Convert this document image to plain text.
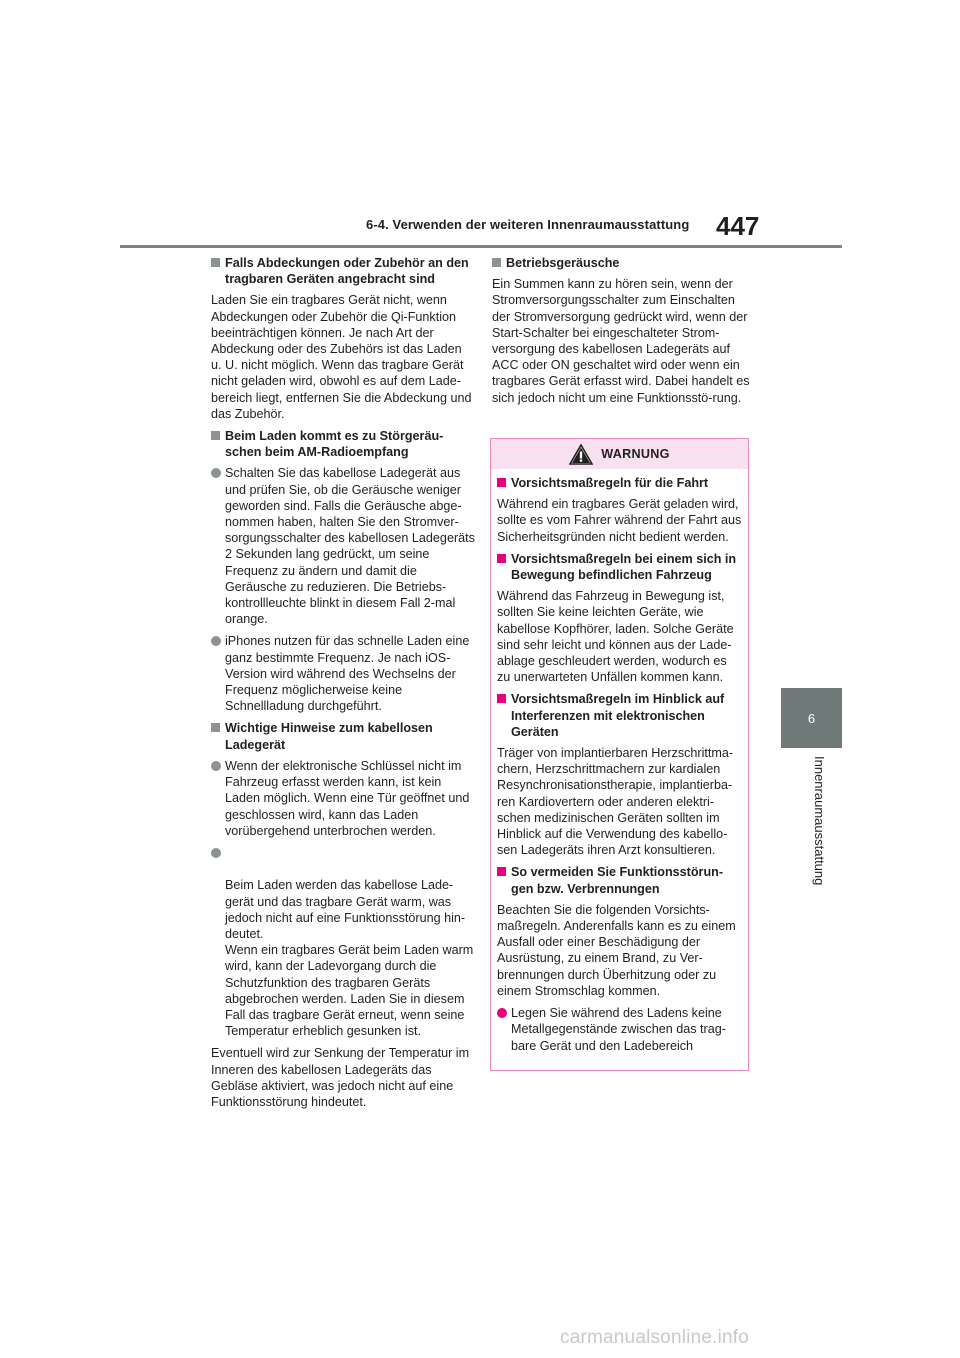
6-4. Verwenden der weiteren Innenraumausstattung 447
6
Innenraumausstattung
Falls Abdeckungen oder Zubehör an den tragbaren Geräten angebracht sind

Laden Sie ein tragbares Gerät nicht, wenn Abdeckungen oder Zubehör die Qi-Funktion beeinträchtigen können. Je nach Art der Abdeckung oder des Zubehörs ist das Laden u. U. nicht möglich. Wenn das tragbare Gerät nicht geladen wird, obwohl es auf dem Lade-bereich liegt, entfernen Sie die Abdeckung und das Zubehör.

Beim Laden kommt es zu Störgeräu-schen beim AM-Radioempfang
Schalten Sie das kabellose Ladegerät aus und prüfen Sie, ob die Geräusche weniger geworden sind. Falls die Geräusche abge-nommen haben, halten Sie den Stromver-sorgungsschalter des kabellosen Ladegeräts 2 Sekunden lang gedrückt, um seine Frequenz zu ändern und damit die Geräusche zu reduzieren. Die Betriebs-kontrollleuchte blinkt in diesem Fall 2-mal orange.
iPhones nutzen für das schnelle Laden eine ganz bestimmte Frequenz. Je nach iOS-Version wird während des Wechselns der Frequenz möglicherweise keine Schnellladung durchgeführt.
Wichtige Hinweise zum kabellosen Ladegerät
Wenn der elektronische Schlüssel nicht im Fahrzeug erfasst werden kann, ist kein Laden möglich. Wenn eine Tür geöffnet und geschlossen wird, kann das Laden vorübergehend unterbrochen werden.

Beim Laden werden das kabellose Lade-gerät und das tragbare Gerät warm, was jedoch nicht auf eine Funktionsstörung hin-deutet.
Wenn ein tragbares Gerät beim Laden warm wird, kann der Ladevorgang durch die Schutzfunktion des tragbaren Geräts abgebrochen werden. Laden Sie in diesem Fall das tragbare Gerät erneut, wenn seine Temperatur erheblich gesunken ist.

Eventuell wird zur Senkung der Temperatur im Inneren des kabellosen Ladegeräts das Gebläse aktiviert, was jedoch nicht auf eine Funktionsstörung hindeutet.

Betriebsgeräusche

Ein Summen kann zu hören sein, wenn der Stromversorgungsschalter zum Einschalten der Stromversorgung gedrückt wird, wenn der Start-Schalter bei eingeschalteter Strom-versorgung des kabellosen Ladegeräts auf ACC oder ON geschaltet wird oder wenn ein tragbares Gerät erfasst wird. Dabei handelt es sich jedoch nicht um eine Funktionsstö-rung.

WARNUNG
Vorsichtsmaßregeln für die Fahrt

Während ein tragbares Gerät geladen wird, sollte es vom Fahrer während der Fahrt aus Sicherheitsgründen nicht bedient werden.

Vorsichtsmaßregeln bei einem sich in Bewegung befindlichen Fahrzeug

Während das Fahrzeug in Bewegung ist, sollten Sie keine leichten Geräte, wie kabellose Kopfhörer, laden. Solche Geräte sind sehr leicht und können aus der Lade-ablage geschleudert werden, wodurch es zu unerwarteten Unfällen kommen kann.

Vorsichtsmaßregeln im Hinblick auf Interferenzen mit elektronischen Geräten

Träger von implantierbaren Herzschrittma-chern, Herzschrittmachern zur kardialen Resynchronisationstherapie, implantierba-ren Kardiovertern oder anderen elektri-schen medizinischen Geräten sollten im Hinblick auf die Verwendung des kabello-sen Ladegeräts ihren Arzt konsultieren.

So vermeiden Sie Funktionsstörun-gen bzw. Verbrennungen

Beachten Sie die folgenden Vorsichts-maßregeln. Anderenfalls kann es zu einem Ausfall oder einer Beschädigung der Ausrüstung, zu einem Brand, zu Ver-brennungen durch Überhitzung oder zu einem Stromschlag kommen.

Legen Sie während des Ladens keine Metallgegenstände zwischen das trag-bare Gerät und den Ladebereich
carmanualsonline.info
